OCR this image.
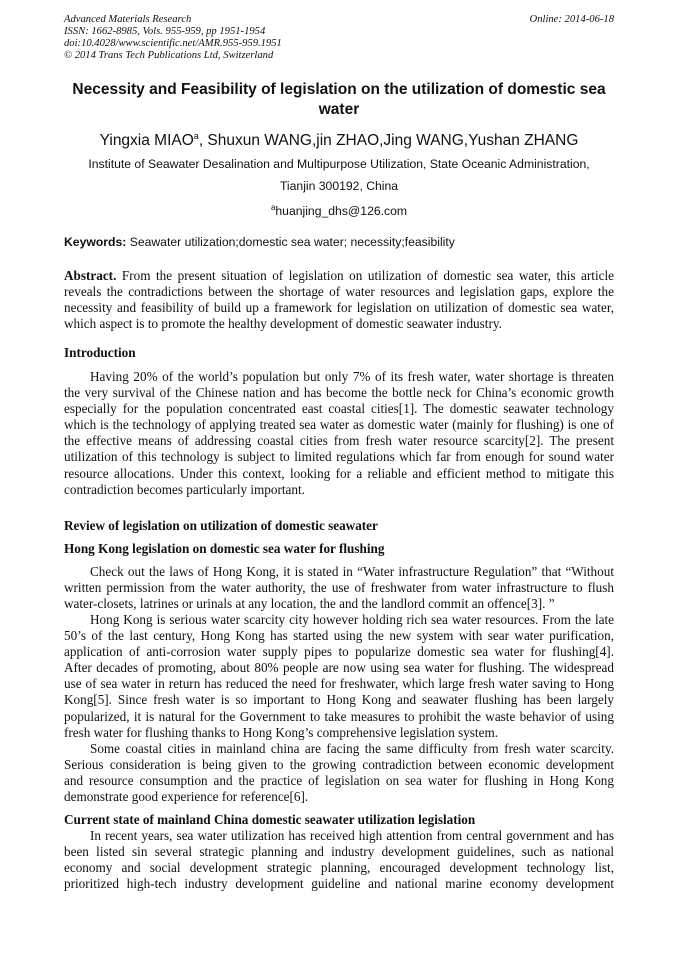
Advanced Materials Research
ISSN: 1662-8985, Vols. 955-959, pp 1951-1954
doi:10.4028/www.scientific.net/AMR.955-959.1951
© 2014 Trans Tech Publications Ltd, Switzerland
Online: 2014-06-18
Necessity and Feasibility of legislation on the utilization of domestic sea water
Yingxia MIAO$^a$, Shuxun WANG,jin ZHAO,Jing WANG,Yushan ZHANG
Institute of Seawater Desalination and Multipurpose Utilization, State Oceanic Administration,
Tianjin 300192, China
$^a$huanjing_dhs@126.com
Keywords: Seawater utilization;domestic sea water; necessity;feasibility
Abstract. From the present situation of legislation on utilization of domestic sea water, this article
reveals the contradictions between the shortage of water resources and legislation gaps, explore the
necessity and feasibility of build up a framework for legislation on utilization of domestic sea water,
which aspect is to promote the healthy development of domestic seawater industry.
Introduction
Having 20% of the world’s population but only 7% of its fresh water, water shortage is threaten
the very survival of the Chinese nation and has become the bottle neck for China’s economic growth
especially for the population concentrated east coastal cities[1]. The domestic seawater technology
which is the technology of applying treated sea water as domestic water (mainly for flushing) is one of
the effective means of addressing coastal cities from fresh water resource scarcity[2]. The present
utilization of this technology is subject to limited regulations which far from enough for sound water
resource allocations. Under this context, looking for a reliable and efficient method to mitigate this
contradiction becomes particularly important.
Review of legislation on utilization of domestic seawater
Hong Kong legislation on domestic sea water for flushing
Check out the laws of Hong Kong, it is stated in “Water infrastructure Regulation” that “Without
written permission from the water authority, the use of freshwater from water infrastructure to flush
water-closets, latrines or urinals at any location, the and the landlord commit an offence[3]. ”
Hong Kong is serious water scarcity city however holding rich sea water resources. From the late
50’s of the last century, Hong Kong has started using the new system with sear water purification,
application of anti-corrosion water supply pipes to popularize domestic sea water for flushing[4].
After decades of promoting, about 80% people are now using sea water for flushing. The widespread
use of sea water in return has reduced the need for freshwater, which large fresh water saving to Hong
Kong[5]. Since fresh water is so important to Hong Kong and seawater flushing has been largely
popularized, it is natural for the Government to take measures to prohibit the waste behavior of using
fresh water for flushing thanks to Hong Kong’s comprehensive legislation system.
Some coastal cities in mainland china are facing the same difficulty from fresh water scarcity.
Serious consideration is being given to the growing contradiction between economic development
and resource consumption and the practice of legislation on sea water for flushing in Hong Kong
demonstrate good experience for reference[6].
Current state of mainland China domestic seawater utilization legislation
In recent years, sea water utilization has received high attention from central government and has
been listed sin several strategic planning and industry development guidelines, such as national
economy and social development strategic planning, encouraged development technology list,
prioritized high-tech industry development guideline and national marine economy development
